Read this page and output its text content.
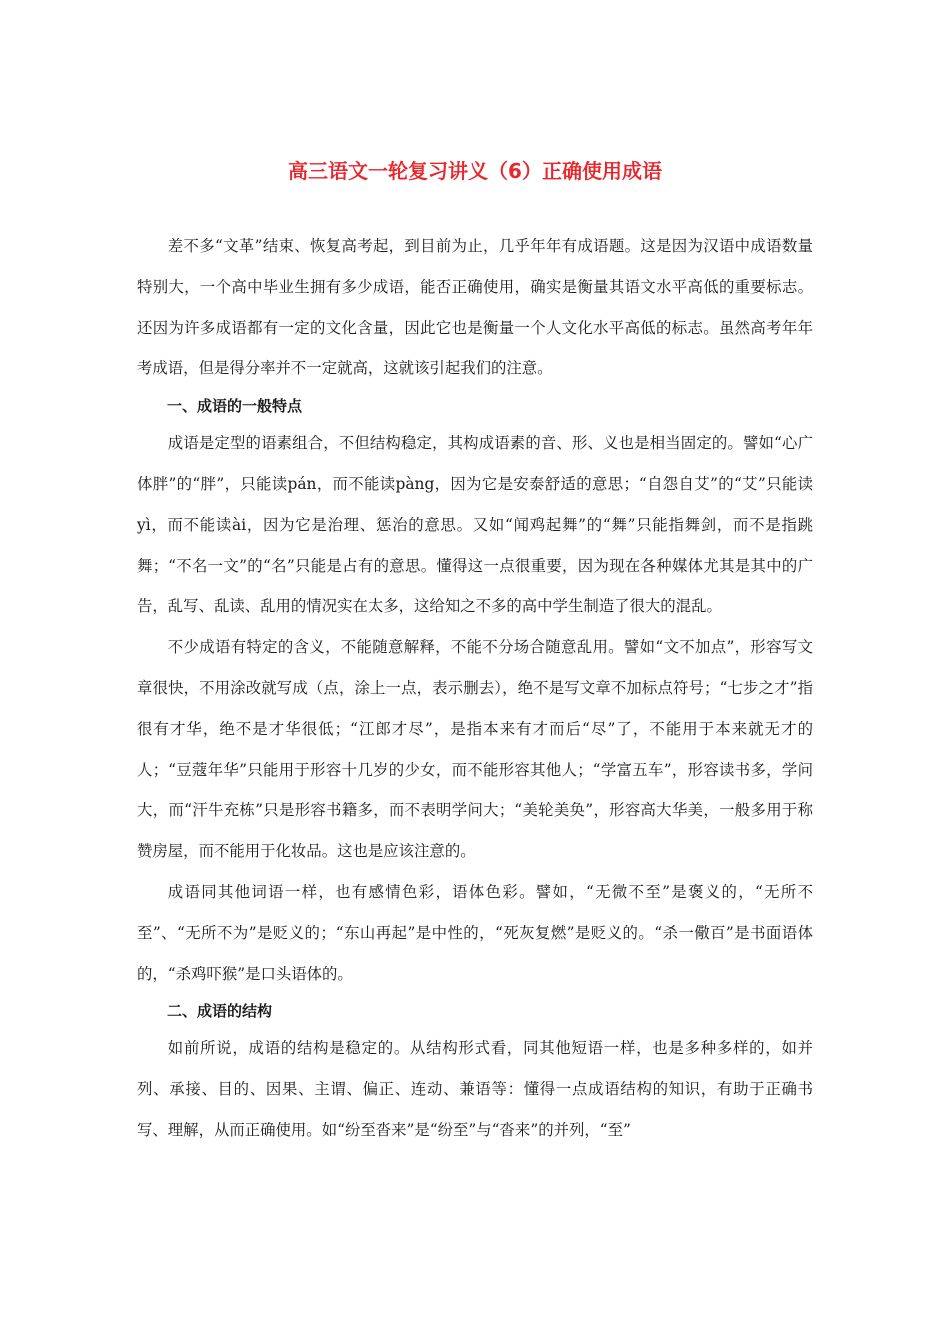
高三语文一轮复习讲义（6）正确使用成语

差不多“文革”结束、恢复高考起，到目前为止，几乎年年有成语题。这是因为汉语中成语数量特别大，一个高中毕业生拥有多少成语，能否正确使用，确实是衡量其语文水平高低的重要标志。还因为许多成语都有一定的文化含量，因此它也是衡量一个人文化水平高低的标志。虽然高考年年考成语，但是得分率并不一定就高，这就该引起我们的注意。

一、成语的一般特点

成语是定型的语素组合，不但结构稳定，其构成语素的音、形、义也是相当固定的。譬如“心广体胖”的“胖”，只能读pán，而不能读pàng，因为它是安泰舒适的意思；“自怨自艾”的“艾”只能读yì，而不能读ài，因为它是治理、惩治的意思。又如“闻鸡起舞”的“舞”只能指舞剑，而不是指跳舞；“不名一文”的“名”只能是占有的意思。懂得这一点很重要，因为现在各种媒体尤其是其中的广告，乱写、乱读、乱用的情况实在太多，这给知之不多的高中学生制造了很大的混乱。

不少成语有特定的含义，不能随意解释，不能不分场合随意乱用。譬如“文不加点”，形容写文章很快，不用涂改就写成（点，涂上一点，表示删去），绝不是写文章不加标点符号；“七步之才”指很有才华，绝不是才华很低；“江郎才尽”，是指本来有才而后“尽”了，不能用于本来就无才的人；“豆蔻年华”只能用于形容十几岁的少女，而不能形容其他人；“学富五车”，形容读书多，学问大，而“汗牛充栋”只是形容书籍多，而不表明学问大；“美轮美奂”，形容高大华美，一般多用于称赞房屋，而不能用于化妆品。这也是应该注意的。

成语同其他词语一样，也有感情色彩，语体色彩。譬如，“无微不至”是褒义的，“无所不至”、“无所不为”是贬义的；“东山再起”是中性的，“死灰复燃”是贬义的。“杀一儆百”是书面语体的，“杀鸡吓猴”是口头语体的。

二、成语的结构

如前所说，成语的结构是稳定的。从结构形式看，同其他短语一样，也是多种多样的，如并列、承接、目的、因果、主谓、偏正、连动、兼语等：懂得一点成语结构的知识，有助于正确书写、理解，从而正确使用。如“纷至沓来”是“纷至”与“沓来”的并列，“至”
